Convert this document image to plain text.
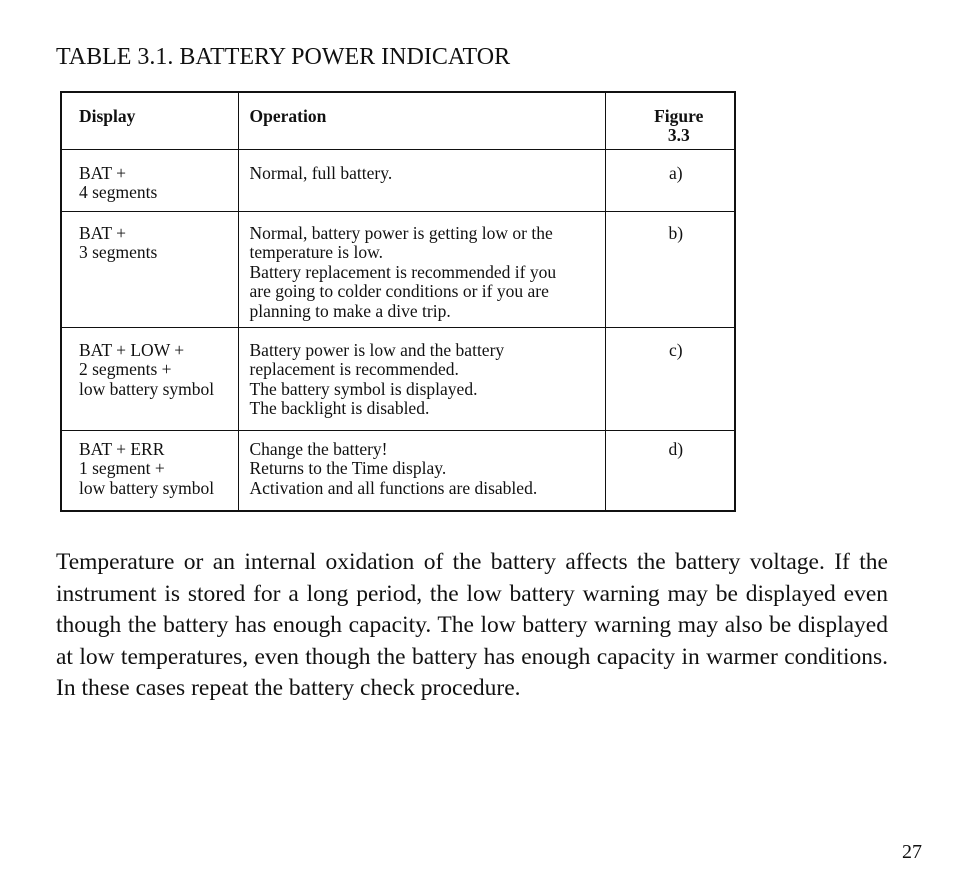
TABLE 3.1. BATTERY POWER INDICATOR
Display	Operation	Figure
3.3

BAT +
4 segments	Normal, full battery.	a)

BAT +
3 segments	Normal, battery power is getting low or the
temperature is low.
Battery replacement is recommended if you
are going to colder conditions or if you are
planning to make a dive trip.	b)

BAT + LOW +
2 segments +
low battery symbol	Battery power is low and the battery
replacement is recommended.
The battery symbol is displayed.
The backlight is disabled.	c)

BAT + ERR
1 segment +
low battery symbol	Change the battery!
Returns to the Time display.
Activation and all functions are disabled.	d)

Temperature or an internal oxidation of the battery affects the battery voltage. If the instrument is stored for a long period, the low battery warning may be displayed even though the battery has enough capacity. The low battery warning may also be displayed at low temperatures, even though the battery has enough capacity in warmer conditions. In these cases repeat the battery check procedure.

27
